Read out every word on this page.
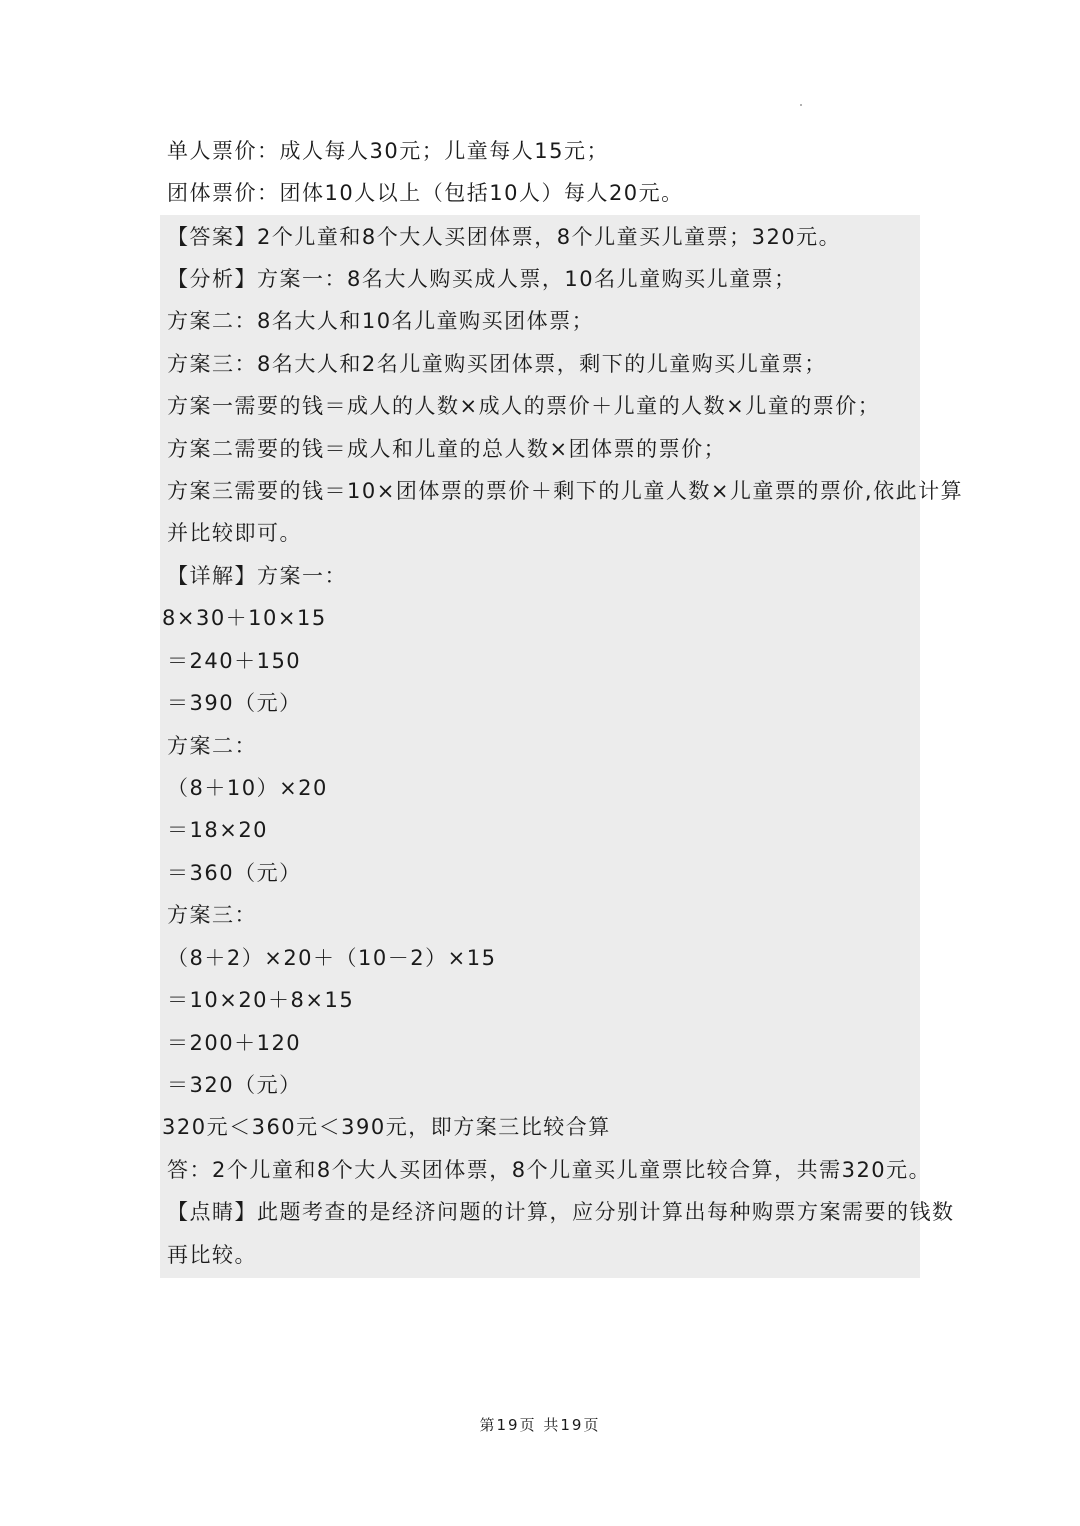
单人票价：成人每人30元；儿童每人15元；
团体票价：团体10人以上（包括10人）每人20元。
【答案】2个儿童和8个大人买团体票，8个儿童买儿童票；320元。
【分析】方案一：8名大人购买成人票，10名儿童购买儿童票；
方案二：8名大人和10名儿童购买团体票；
方案三：8名大人和2名儿童购买团体票，剩下的儿童购买儿童票；
方案一需要的钱＝成人的人数×成人的票价＋儿童的人数×儿童的票价；
方案二需要的钱＝成人和儿童的总人数×团体票的票价；
方案三需要的钱＝10×团体票的票价＋剩下的儿童人数×儿童票的票价,依此计算
并比较即可。
【详解】方案一：
8×30＋10×15
＝240＋150
＝390（元）
方案二：
（8＋10）×20
＝18×20
＝360（元）
方案三：
（8＋2）×20＋（10－2）×15
＝10×20＋8×15
＝200＋120
＝320（元）
320元＜360元＜390元，即方案三比较合算
答：2个儿童和8个大人买团体票，8个儿童买儿童票比较合算，共需320元。
【点睛】此题考查的是经济问题的计算，应分别计算出每种购票方案需要的钱数
再比较。
第19页 共19页
